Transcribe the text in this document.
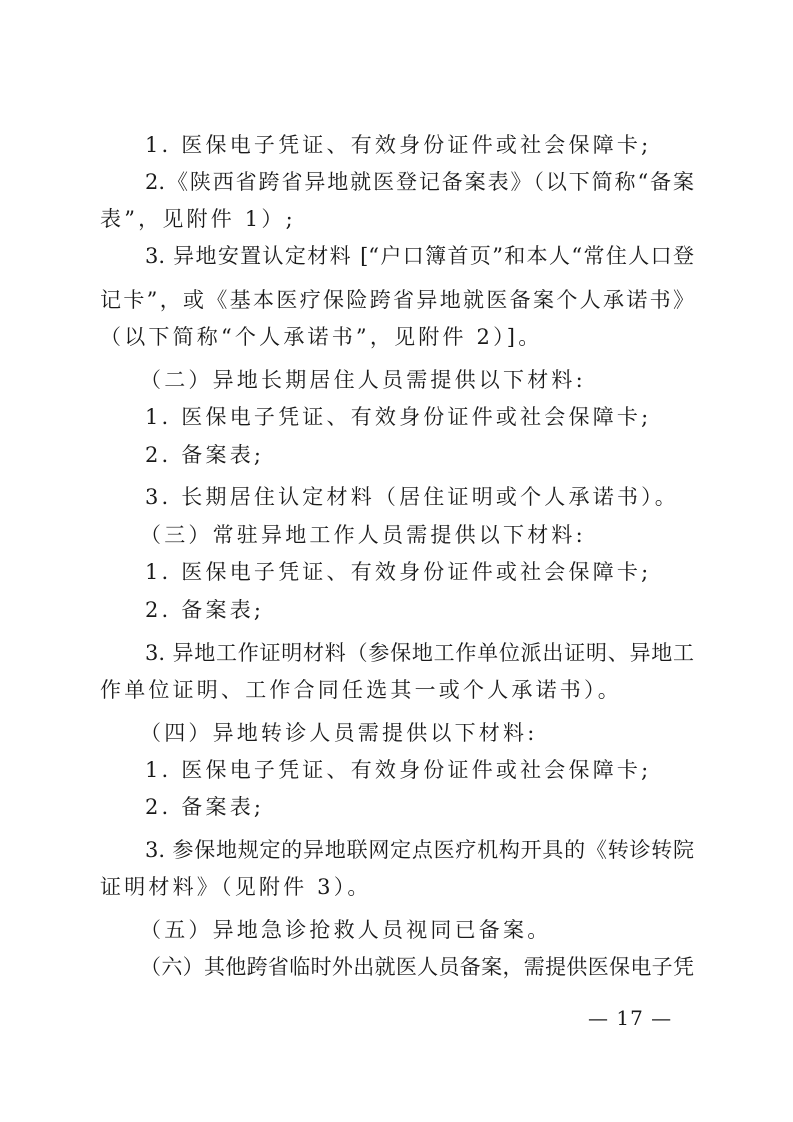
1. 医保电子凭证、有效身份证件或社会保障卡;
2.《陕西省跨省异地就医登记备案表》（以下简称“备案
表”，见附件 1）;
3. 异地安置认定材料 [“户口簿首页”和本人“常住人口登
记卡”，或《基本医疗保险跨省异地就医备案个人承诺书》
（以下简称“个人承诺书”，见附件 2）]。
（二）异地长期居住人员需提供以下材料:
1. 医保电子凭证、有效身份证件或社会保障卡;
2. 备案表;
3. 长期居住认定材料（居住证明或个人承诺书）。
（三）常驻异地工作人员需提供以下材料:
1. 医保电子凭证、有效身份证件或社会保障卡;
2. 备案表;
3. 异地工作证明材料（参保地工作单位派出证明、异地工
作单位证明、工作合同任选其一或个人承诺书）。
（四）异地转诊人员需提供以下材料:
1. 医保电子凭证、有效身份证件或社会保障卡;
2. 备案表;
3. 参保地规定的异地联网定点医疗机构开具的《转诊转院
证明材料》（见附件 3）。
（五）异地急诊抢救人员视同已备案。
（六）其他跨省临时外出就医人员备案，需提供医保电子凭
— 17 —
